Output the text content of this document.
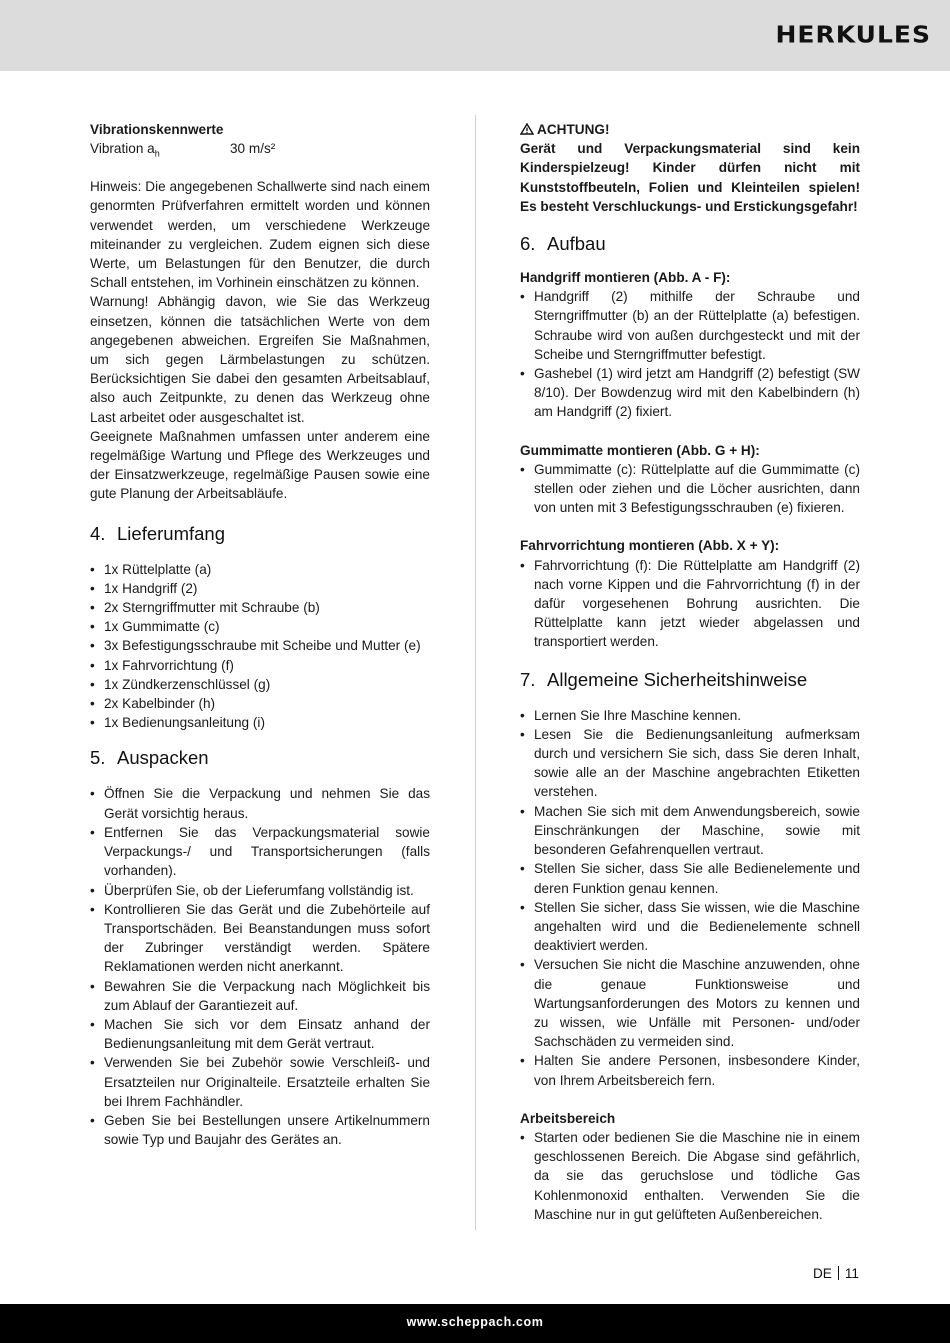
HERKULES

Vibrationskennwerte

Vibration $a_h$	30 m/s²

Hinweis: Die angegebenen Schallwerte sind nach einem genormten Prüfverfahren ermittelt worden und können verwendet werden, um verschiedene Werkzeuge miteinander zu vergleichen. Zudem eignen sich diese Werte, um Belastungen für den Benutzer, die durch Schall entstehen, im Vorhinein einschätzen zu können.

Warnung! Abhängig davon, wie Sie das Werkzeug einsetzen, können die tatsächlichen Werte von dem angegebenen abweichen. Ergreifen Sie Maßnahmen, um sich gegen Lärmbelastungen zu schützen. Berücksichtigen Sie dabei den gesamten Arbeitsablauf, also auch Zeitpunkte, zu denen das Werkzeug ohne Last arbeitet oder ausgeschaltet ist.

Geeignete Maßnahmen umfassen unter anderem eine regelmäßige Wartung und Pflege des Werkzeuges und der Einsatzwerkzeuge, regelmäßige Pausen sowie eine gute Planung der Arbeitsabläufe.

4. Lieferumfang
• 1x Rüttelplatte (a)
• 1x Handgriff (2)
• 2x Sterngriffmutter mit Schraube (b)
• 1x Gummimatte (c)
• 3x Befestigungsschraube mit Scheibe und Mutter (e)
• 1x Fahrvorrichtung (f)
• 1x Zündkerzenschlüssel (g)
• 2x Kabelbinder (h)
• 1x Bedienungsanleitung (i)
5. Auspacken
• Öffnen Sie die Verpackung und nehmen Sie das Gerät vorsichtig heraus.
• Entfernen Sie das Verpackungsmaterial sowie Verpackungs-/ und Transportsicherungen (falls vorhanden).
• Überprüfen Sie, ob der Lieferumfang vollständig ist.
• Kontrollieren Sie das Gerät und die Zubehörteile auf Transportschäden. Bei Beanstandungen muss sofort der Zubringer verständigt werden. Spätere Reklamationen werden nicht anerkannt.
• Bewahren Sie die Verpackung nach Möglichkeit bis zum Ablauf der Garantiezeit auf.
• Machen Sie sich vor dem Einsatz anhand der Bedienungsanleitung mit dem Gerät vertraut.
• Verwenden Sie bei Zubehör sowie Verschleiß- und Ersatzteilen nur Originalteile. Ersatzteile erhalten Sie bei Ihrem Fachhändler.
• Geben Sie bei Bestellungen unsere Artikelnummern sowie Typ und Baujahr des Gerätes an.

ACHTUNG!

Gerät und Verpackungsmaterial sind kein Kinderspielzeug! Kinder dürfen nicht mit Kunststoffbeuteln, Folien und Kleinteilen spielen! Es besteht Verschluckungs- und Erstickungsgefahr!

6. Aufbau

Handgriff montieren (Abb. A - F):

• Handgriff (2) mithilfe der Schraube und Sterngriffmutter (b) an der Rüttelplatte (a) befestigen. Schraube wird von außen durchgesteckt und mit der Scheibe und Sterngriffmutter befestigt.
• Gashebel (1) wird jetzt am Handgriff (2) befestigt (SW 8/10). Der Bowdenzug wird mit den Kabelbindern (h) am Handgriff (2) fixiert.

Gummimatte montieren (Abb. G + H):

• Gummimatte (c): Rüttelplatte auf die Gummimatte (c) stellen oder ziehen und die Löcher ausrichten, dann von unten mit 3 Befestigungsschrauben (e) fixieren.

Fahrvorrichtung montieren (Abb. X + Y):

• Fahrvorrichtung (f): Die Rüttelplatte am Handgriff (2) nach vorne Kippen und die Fahrvorrichtung (f) in der dafür vorgesehenen Bohrung ausrichten. Die Rüttelplatte kann jetzt wieder abgelassen und transportiert werden.
7. Allgemeine Sicherheitshinweise
• Lernen Sie Ihre Maschine kennen.
• Lesen Sie die Bedienungsanleitung aufmerksam durch und versichern Sie sich, dass Sie deren Inhalt, sowie alle an der Maschine angebrachten Etiketten verstehen.
• Machen Sie sich mit dem Anwendungsbereich, sowie Einschränkungen der Maschine, sowie mit besonderen Gefahrenquellen vertraut.
• Stellen Sie sicher, dass Sie alle Bedienelemente und deren Funktion genau kennen.
• Stellen Sie sicher, dass Sie wissen, wie die Maschine angehalten wird und die Bedienelemente schnell deaktiviert werden.
• Versuchen Sie nicht die Maschine anzuwenden, ohne die genaue Funktionsweise und Wartungsanforderungen des Motors zu kennen und zu wissen, wie Unfälle mit Personen- und/oder Sachschäden zu vermeiden sind.
• Halten Sie andere Personen, insbesondere Kinder, von Ihrem Arbeitsbereich fern.

Arbeitsbereich

• Starten oder bedienen Sie die Maschine nie in einem geschlossenen Bereich. Die Abgase sind gefährlich, da sie das geruchslose und tödliche Gas Kohlenmonoxid enthalten. Verwenden Sie die Maschine nur in gut gelüfteten Außenbereichen.
DE 11
www.scheppach.com
